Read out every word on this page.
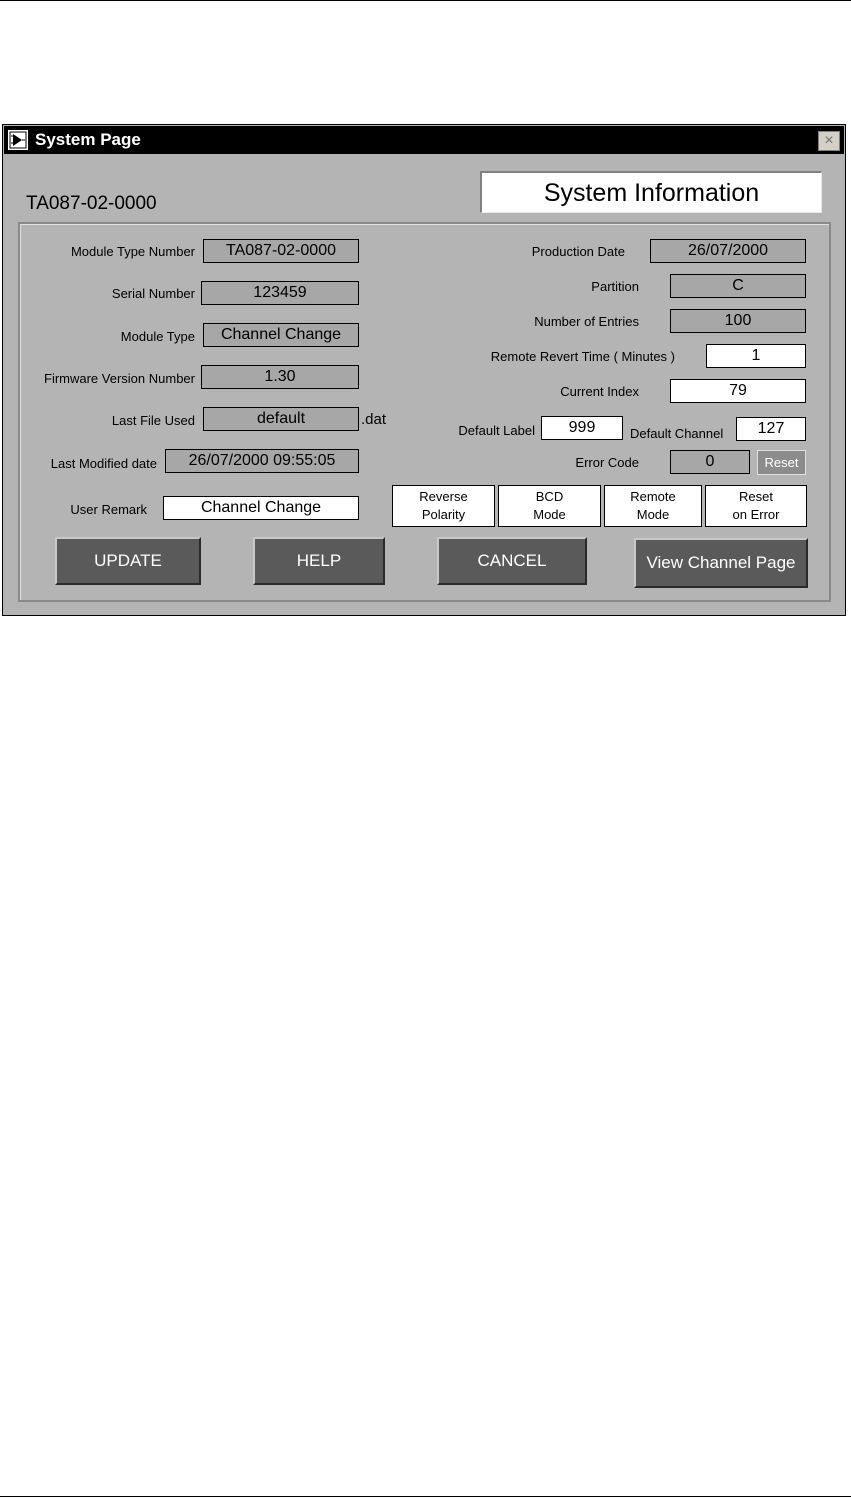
System Page	×
TA087-02-0000	System Information
Module Type Number	TA087-02-0000
Serial Number	123459
Module Type	Channel Change
Firmware Version Number	1.30
Last File Used	default	.dat
Last Modified date	26/07/2000 09:55:05
User Remark	Channel Change
Production Date	26/07/2000
Partition	C
Number of Entries	100
Remote Revert Time ( Minutes )	1
Current Index	79
Default Label	999	Default Channel	127
Error Code	0	Reset
Reverse
Polarity
BCD
Mode
Remote
Mode
Reset
on Error
UPDATE	HELP	CANCEL	View Channel Page
